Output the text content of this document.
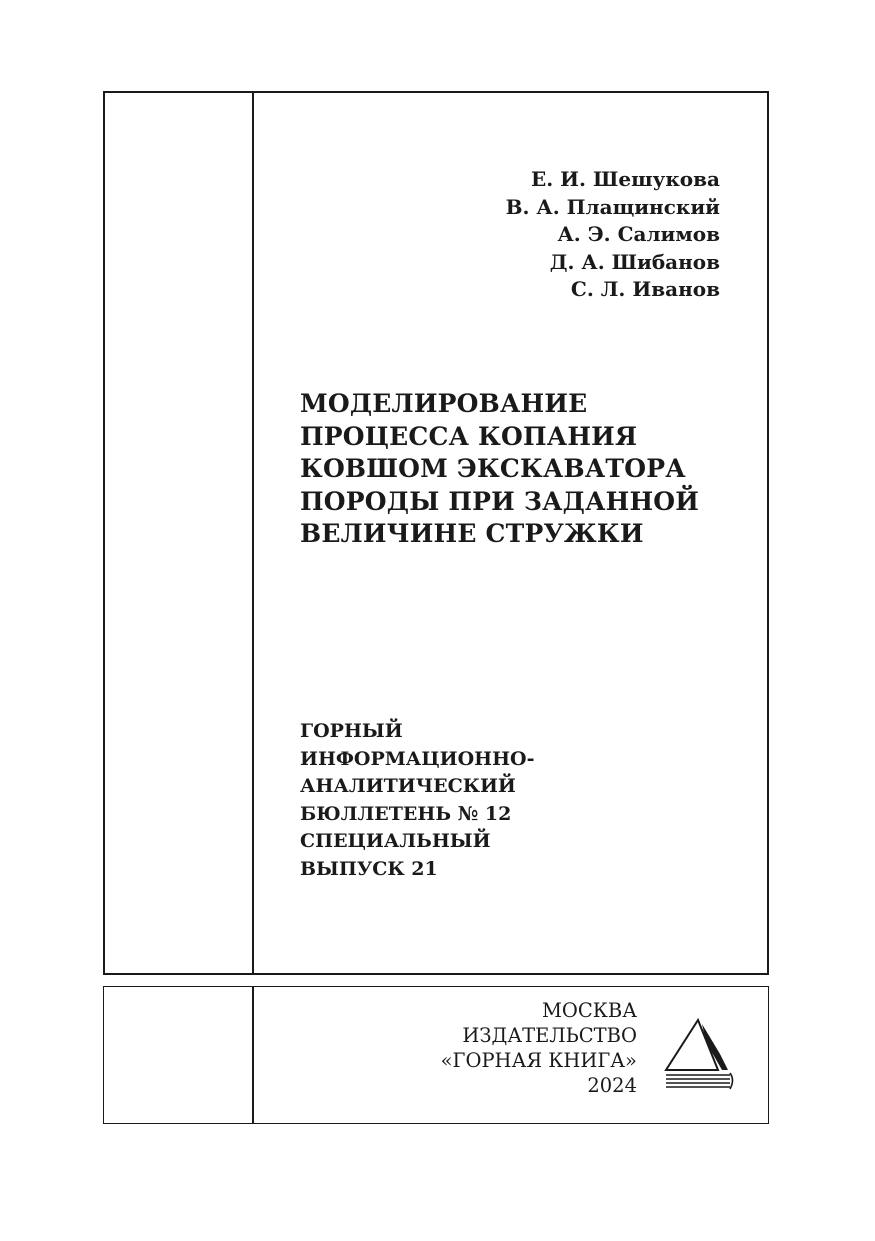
Е. И. Шешукова
В. А. Плащинский
А. Э. Салимов
Д. А. Шибанов
С. Л. Иванов
МОДЕЛИРОВАНИЕ
ПРОЦЕССА КОПАНИЯ
КОВШОМ ЭКСКАВАТОРА
ПОРОДЫ ПРИ ЗАДАННОЙ
ВЕЛИЧИНЕ СТРУЖКИ
ГОРНЫЙ
ИНФОРМАЦИОННО-
АНАЛИТИЧЕСКИЙ
БЮЛЛЕТЕНЬ № 12
СПЕЦИАЛЬНЫЙ
ВЫПУСК 21
МОСКВА
ИЗДАТЕЛЬСТВО
«ГОРНАЯ КНИГА»
2024
